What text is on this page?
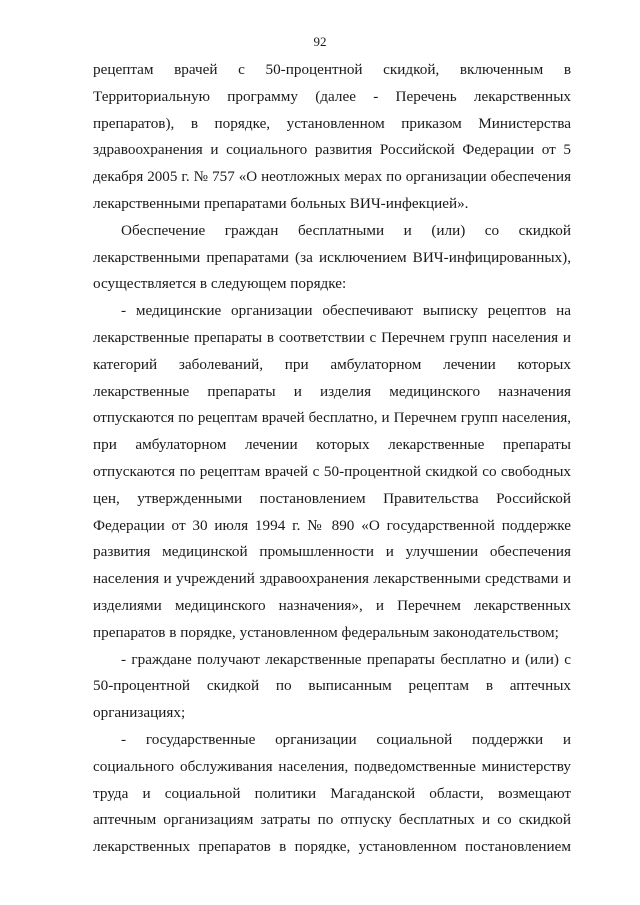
92
рецептам врачей с 50-процентной скидкой, включенным в
Территориальную программу (далее - Перечень лекарственных
препаратов), в порядке, установленном приказом Министерства
здравоохранения и социального развития Российской Федерации от 5
декабря 2005 г. № 757 «О неотложных мерах по организации обеспечения
лекарственными препаратами больных ВИЧ-инфекцией».
Обеспечение граждан бесплатными и (или) со скидкой
лекарственными препаратами (за исключением ВИЧ-инфицированных),
осуществляется в следующем порядке:
- медицинские организации обеспечивают выписку рецептов на
лекарственные препараты в соответствии с Перечнем групп населения и
категорий заболеваний, при амбулаторном лечении которых
лекарственные препараты и изделия медицинского назначения
отпускаются по рецептам врачей бесплатно, и Перечнем групп населения,
при амбулаторном лечении которых лекарственные препараты
отпускаются по рецептам врачей с 50-процентной скидкой со свободных
цен, утвержденными постановлением Правительства Российской
Федерации от 30 июля 1994 г. № 890 «О государственной поддержке
развития медицинской промышленности и улучшении обеспечения
населения и учреждений здравоохранения лекарственными средствами и
изделиями медицинского назначения», и Перечнем лекарственных
препаратов в порядке, установленном федеральным законодательством;
- граждане получают лекарственные препараты бесплатно и (или) с
50-процентной скидкой по выписанным рецептам в аптечных
организациях;
- государственные организации социальной поддержки и
социального обслуживания населения, подведомственные министерству
труда и социальной политики Магаданской области, возмещают
аптечным организациям затраты по отпуску бесплатных и со скидкой
лекарственных препаратов в порядке, установленном постановлением
